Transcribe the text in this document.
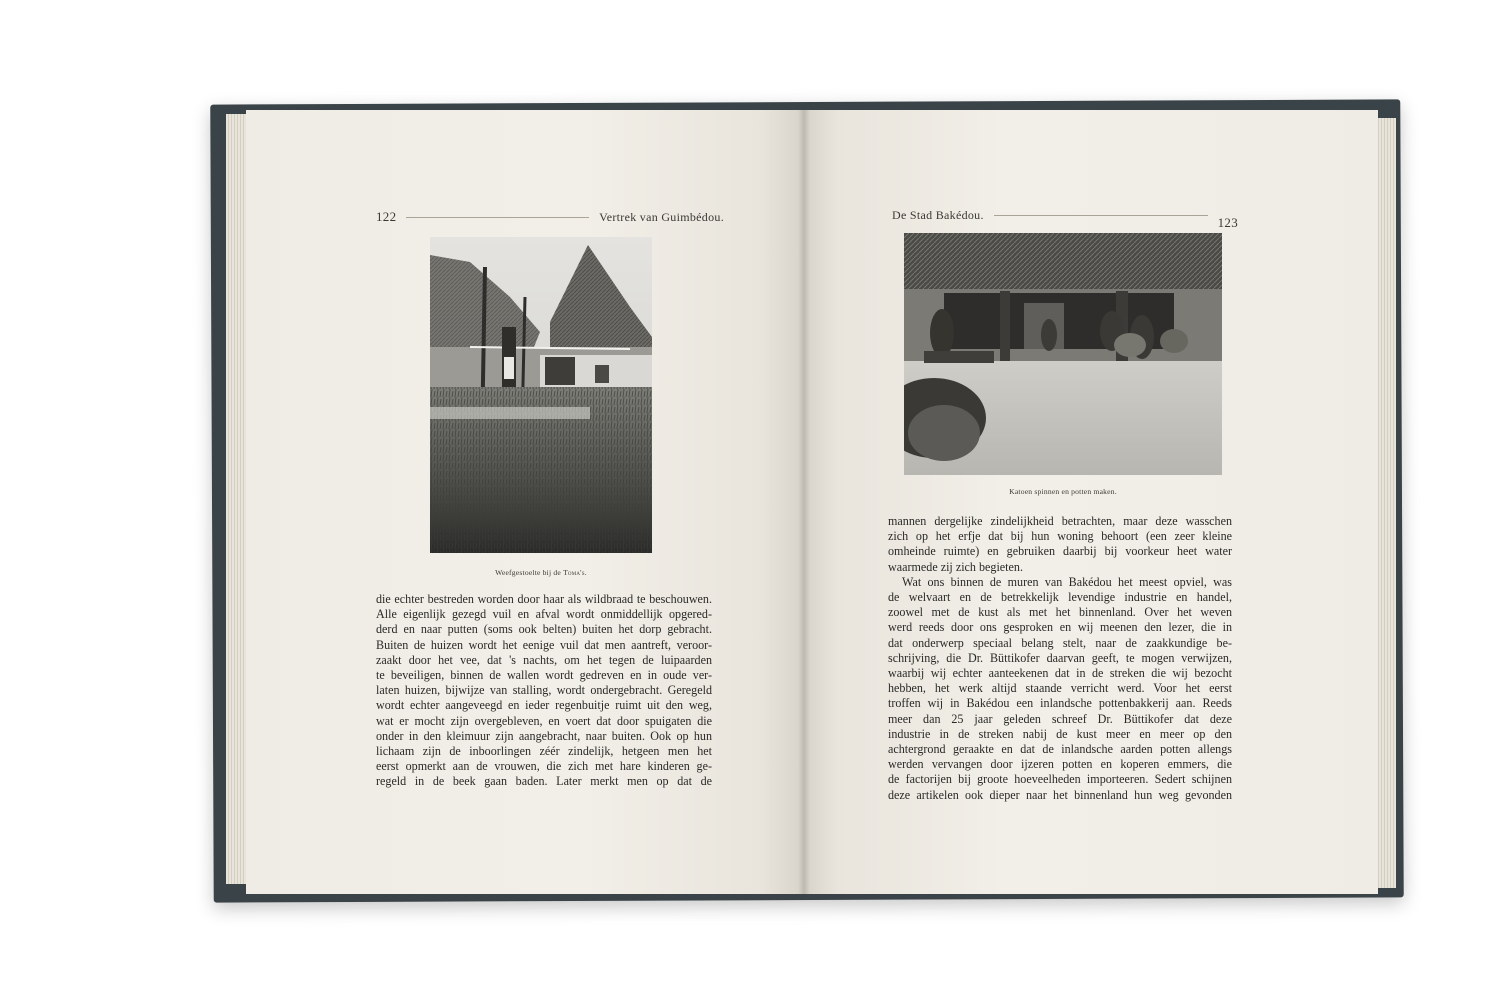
122	Vertrek van Guimbédou.
Weefgestoelte bij de Toma's.
die echter bestreden worden door haar als wildbraad te beschouwen.
Alle eigenlijk gezegd vuil en afval wordt onmiddellijk opgered-
derd en naar putten (soms ook belten) buiten het dorp gebracht.
Buiten de huizen wordt het eenige vuil dat men aantreft, veroor-
zaakt door het vee, dat 's nachts, om het tegen de luipaarden
te beveiligen, binnen de wallen wordt gedreven en in oude ver-
laten huizen, bijwijze van stalling, wordt ondergebracht. Geregeld
wordt echter aangeveegd en ieder regenbuitje ruimt uit den weg,
wat er mocht zijn overgebleven, en voert dat door spuigaten die
onder in den kleimuur zijn aangebracht, naar buiten. Ook op hun
lichaam zijn de inboorlingen zéér zindelijk, hetgeen men het
eerst opmerkt aan de vrouwen, die zich met hare kinderen ge-
regeld in de beek gaan baden. Later merkt men op dat de
De Stad Bakédou.
123
Katoen spinnen en potten maken.
mannen dergelijke zindelijkheid betrachten, maar deze wasschen
zich op het erfje dat bij hun woning behoort (een zeer kleine
omheinde ruimte) en gebruiken daarbij bij voorkeur heet water
waarmede zij zich begieten.
Wat ons binnen de muren van Bakédou het meest opviel, was
de welvaart en de betrekkelijk levendige industrie en handel,
zoowel met de kust als met het binnenland. Over het weven
werd reeds door ons gesproken en wij meenen den lezer, die in
dat onderwerp speciaal belang stelt, naar de zaakkundige be-
schrijving, die Dr. Büttikofer daarvan geeft, te mogen verwijzen,
waarbij wij echter aanteekenen dat in de streken die wij bezocht
hebben, het werk altijd staande verricht werd. Voor het eerst
troffen wij in Bakédou een inlandsche pottenbakkerij aan. Reeds
meer dan 25 jaar geleden schreef Dr. Büttikofer dat deze
industrie in de streken nabij de kust meer en meer op den
achtergrond geraakte en dat de inlandsche aarden potten allengs
werden vervangen door ijzeren potten en koperen emmers, die
de factorijen bij groote hoeveelheden importeeren. Sedert schijnen
deze artikelen ook dieper naar het binnenland hun weg gevonden
